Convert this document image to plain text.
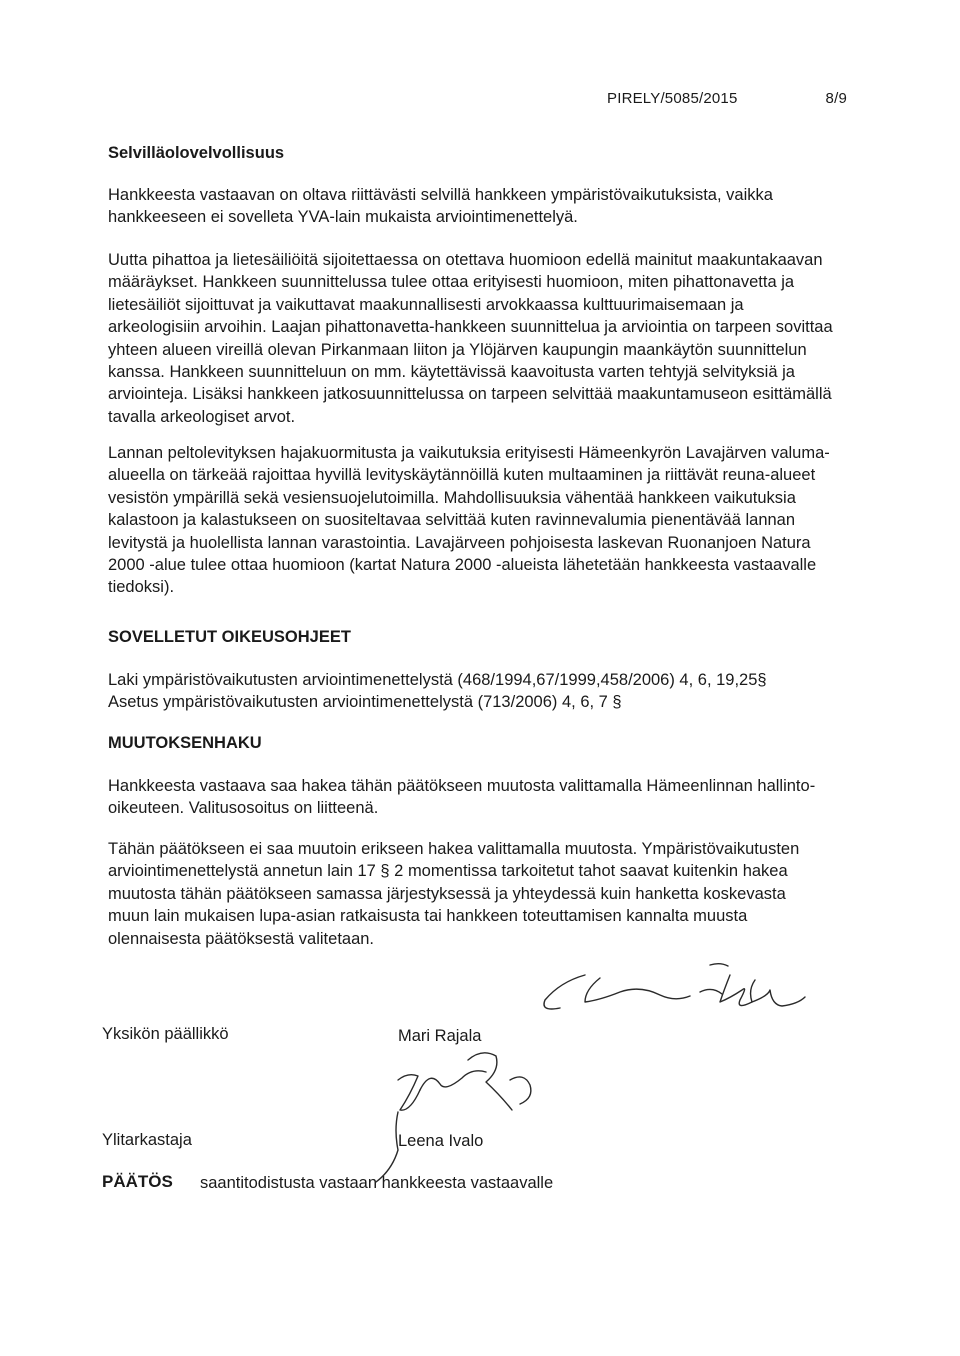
PIRELY/5085/2015	8/9
Selvilläolovelvollisuus
Hankkeesta vastaavan on oltava riittävästi selvillä hankkeen ympäristövaikutuksista, vaikka hankkeeseen ei sovelleta YVA-lain mukaista arviointimenettelyä.
Uutta pihattoa ja lietesäiliöitä sijoitettaessa on otettava huomioon edellä mainitut maakuntakaavan määräykset. Hankkeen suunnittelussa tulee ottaa erityisesti huomioon, miten pihattonavetta ja lietesäiliöt sijoittuvat ja vaikuttavat maakunnallisesti arvokkaassa kulttuurimaisemaan ja arkeologisiin arvoihin. Laajan pihattonavetta-hankkeen suunnittelua ja arviointia on tarpeen sovittaa yhteen alueen vireillä olevan Pirkanmaan liiton ja Ylöjärven kaupungin maankäytön suunnittelun kanssa. Hankkeen suunnitteluun on mm. käytettävissä kaavoitusta varten tehtyjä selvityksiä ja arviointeja. Lisäksi hankkeen jatkosuunnittelussa on tarpeen selvittää maakuntamuseon esittämällä tavalla arkeologiset arvot.
Lannan peltolevityksen hajakuormitusta ja vaikutuksia erityisesti Hämeenkyrön Lavajärven valuma-alueella on tärkeää rajoittaa hyvillä levityskäytännöillä kuten multaaminen ja riittävät reuna-alueet vesistön ympärillä sekä vesiensuojelutoimilla. Mahdollisuuksia vähentää hankkeen vaikutuksia kalastoon ja kalastukseen on suositeltavaa selvittää kuten ravinnevalumia pienentävää lannan levitystä ja huolellista lannan varastointia. Lavajärveen pohjoisesta laskevan Ruonanjoen Natura 2000 -alue tulee ottaa huomioon (kartat Natura 2000 -alueista lähetetään hankkeesta vastaavalle tiedoksi).
SOVELLETUT OIKEUSOHJEET
Laki ympäristövaikutusten arviointimenettelystä (468/1994,67/1999,458/2006) 4, 6, 19,25§
Asetus ympäristövaikutusten arviointimenettelystä (713/2006) 4, 6, 7 §
MUUTOKSENHAKU
Hankkeesta vastaava saa hakea tähän päätökseen muutosta valittamalla Hämeenlinnan hallinto-oikeuteen. Valitusosoitus on liitteenä.
Tähän päätökseen ei saa muutoin erikseen hakea valittamalla muutosta. Ympäristövaikutusten arviointimenettelystä annetun lain 17 § 2 momentissa tarkoitetut tahot saavat kuitenkin hakea muutosta tähän päätökseen samassa järjestyksessä ja yhteydessä kuin hanketta koskevasta muun lain mukaisen lupa-asian ratkaisusta tai hankkeen toteuttamisen kannalta muusta olennaisesta päätöksestä valitetaan.
Yksikön päällikkö	Mari Rajala
Ylitarkastaja	Leena Ivalo
PÄÄTÖS saantitodistusta vastaan hankkeesta vastaavalle
